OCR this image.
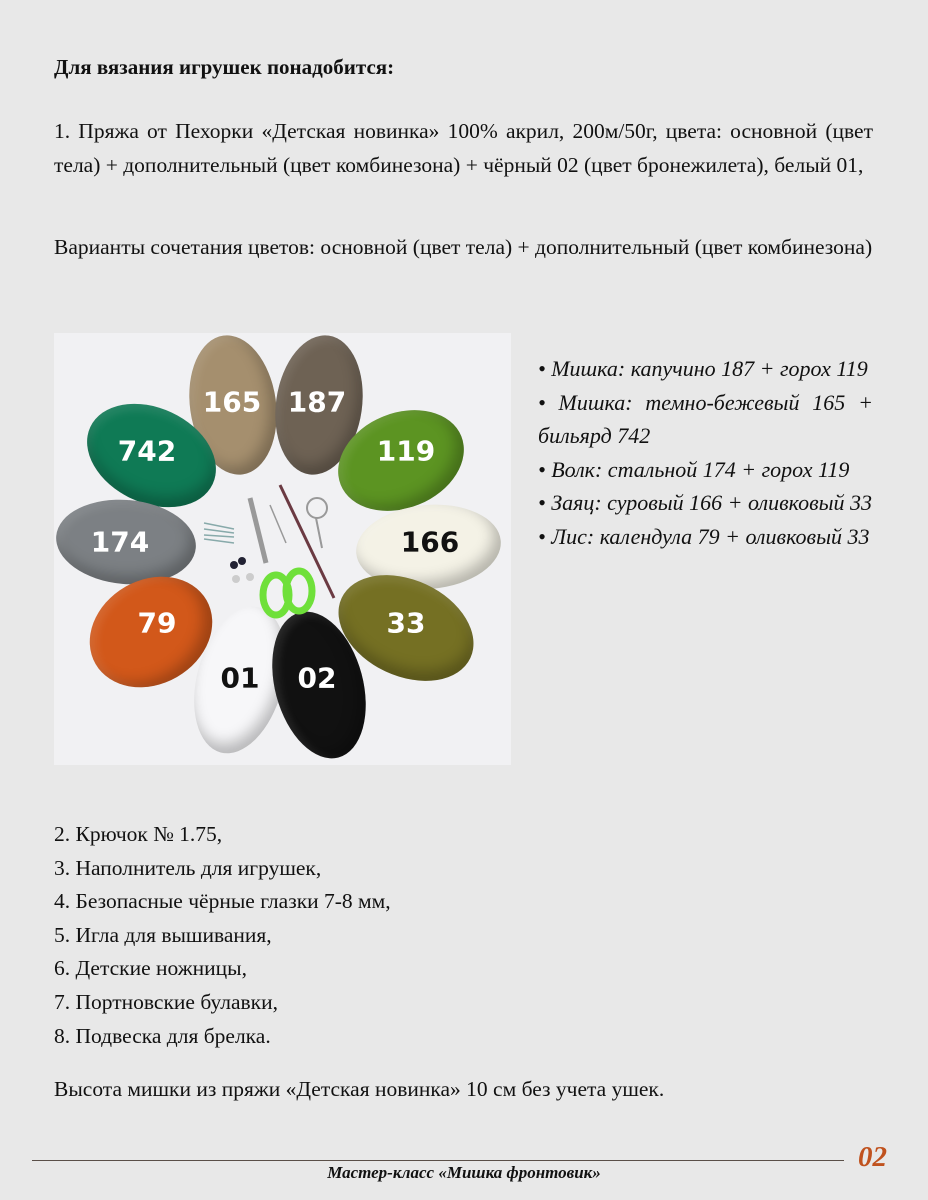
Для вязания игрушек понадобится:

1. Пряжа от Пехорки «Детская новинка» 100% акрил, 200м/50г, цвета: основной (цвет тела) + дополнительный (цвет комбинезона) + чёрный 02 (цвет бронежилета), белый 01,

Варианты сочетания цветов: основной (цвет тела) + дополнительный (цвет комбинезона)

165 187
742	119
174	166
79	33
01 02
• Мишка: капучино 187 + горох 119
• Мишка: темно-бежевый 165 + бильярд 742
• Волк: стальной 174 + горох 119
• Заяц: суровый 166 + оливковый 33
• Лис: календула 79 + оливковый 33
2. Крючок № 1.75,
3. Наполнитель для игрушек,
4. Безопасные чёрные глазки 7-8 мм,
5. Игла для вышивания,
6. Детские ножницы,
7. Портновские булавки,
8. Подвеска для брелка.

Высота мишки из пряжи «Детская новинка» 10 см без учета ушек.

Мастер-класс «Мишка фронтовик»	02
